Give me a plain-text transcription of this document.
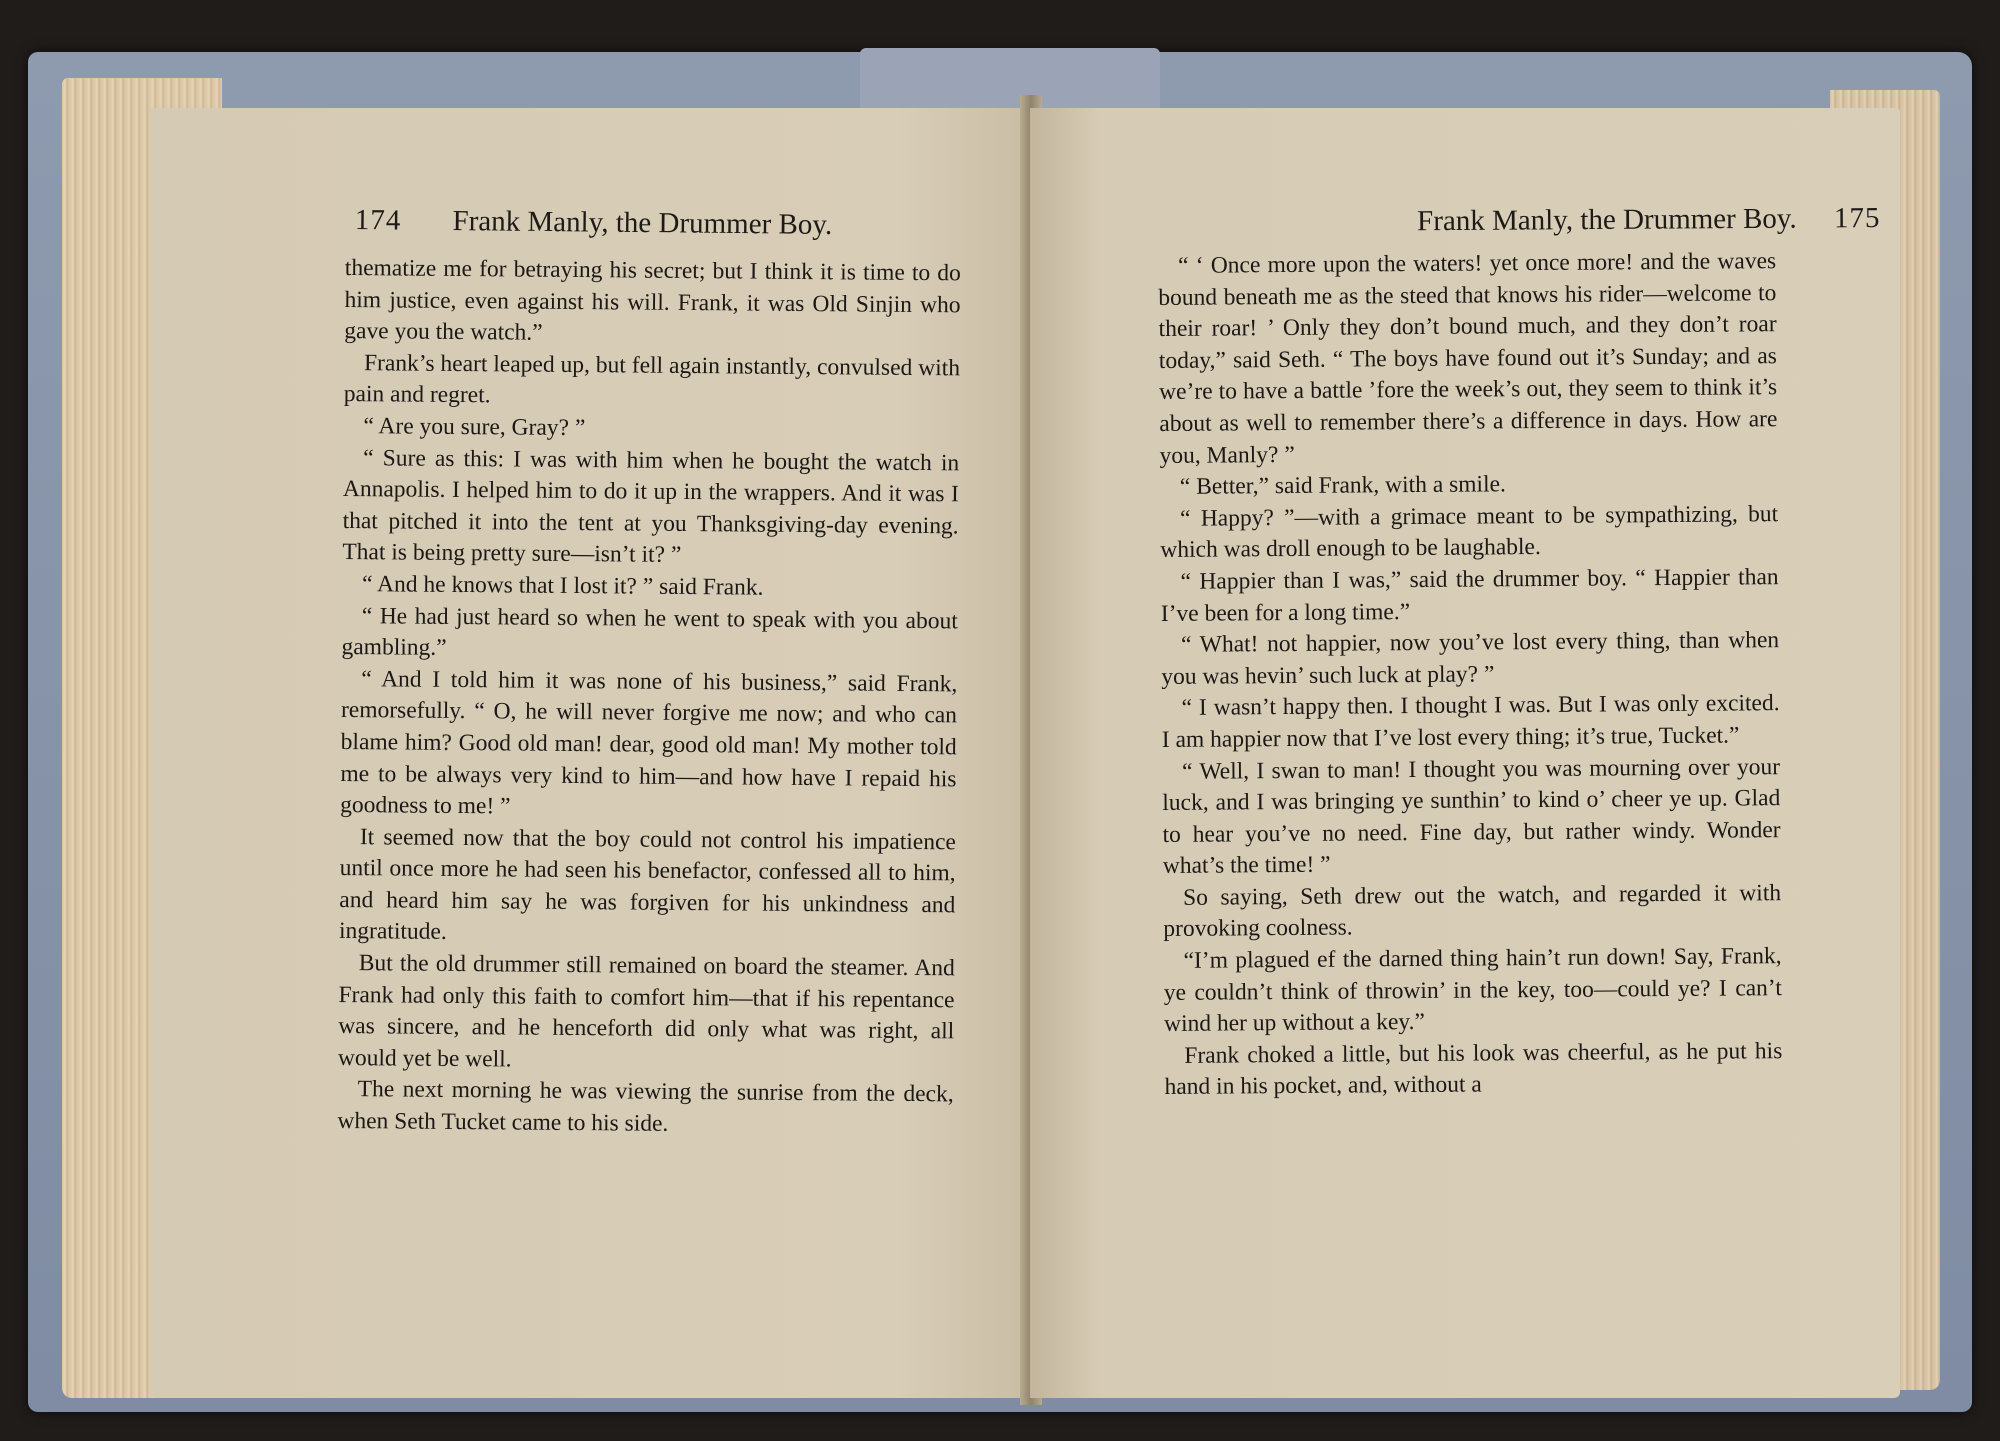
174 Frank Manly, the Drummer Boy.

thematize me for betraying his secret; but I think it is time to do him justice, even against his will. Frank, it was Old Sinjin who gave you the watch.”

Frank’s heart leaped up, but fell again instantly, convulsed with pain and regret.

“ Are you sure, Gray? ”

“ Sure as this: I was with him when he bought the watch in Annapolis. I helped him to do it up in the wrappers. And it was I that pitched it into the tent at you Thanksgiving-day evening. That is being pretty sure—isn’t it? ”

“ And he knows that I lost it? ” said Frank.

“ He had just heard so when he went to speak with you about gambling.”

“ And I told him it was none of his business,” said Frank, remorsefully. “ O, he will never forgive me now; and who can blame him? Good old man! dear, good old man! My mother told me to be always very kind to him—and how have I repaid his goodness to me! ”

It seemed now that the boy could not control his impatience until once more he had seen his benefactor, confessed all to him, and heard him say he was forgiven for his unkindness and ingratitude.

But the old drummer still remained on board the steamer. And Frank had only this faith to comfort him—that if his repentance was sincere, and he henceforth did only what was right, all would yet be well.

The next morning he was viewing the sunrise from the deck, when Seth Tucket came to his side.

Frank Manly, the Drummer Boy. 175

“ ‘ Once more upon the waters! yet once more! and the waves bound beneath me as the steed that knows his rider—welcome to their roar! ’ Only they don’t bound much, and they don’t roar today,” said Seth. “ The boys have found out it’s Sunday; and as we’re to have a battle ’fore the week’s out, they seem to think it’s about as well to remember there’s a difference in days. How are you, Manly? ”

“ Better,” said Frank, with a smile.

“ Happy? ”—with a grimace meant to be sympathizing, but which was droll enough to be laughable.

“ Happier than I was,” said the drummer boy. “ Happier than I’ve been for a long time.”

“ What! not happier, now you’ve lost every thing, than when you was hevin’ such luck at play? ”

“ I wasn’t happy then. I thought I was. But I was only excited. I am happier now that I’ve lost every thing; it’s true, Tucket.”

“ Well, I swan to man! I thought you was mourning over your luck, and I was bringing ye sunthin’ to kind o’ cheer ye up. Glad to hear you’ve no need. Fine day, but rather windy. Wonder what’s the time! ”

So saying, Seth drew out the watch, and regarded it with provoking coolness.

“I’m plagued ef the darned thing hain’t run down! Say, Frank, ye couldn’t think of throwin’ in the key, too—could ye? I can’t wind her up without a key.”

Frank choked a little, but his look was cheerful, as he put his hand in his pocket, and, without a
